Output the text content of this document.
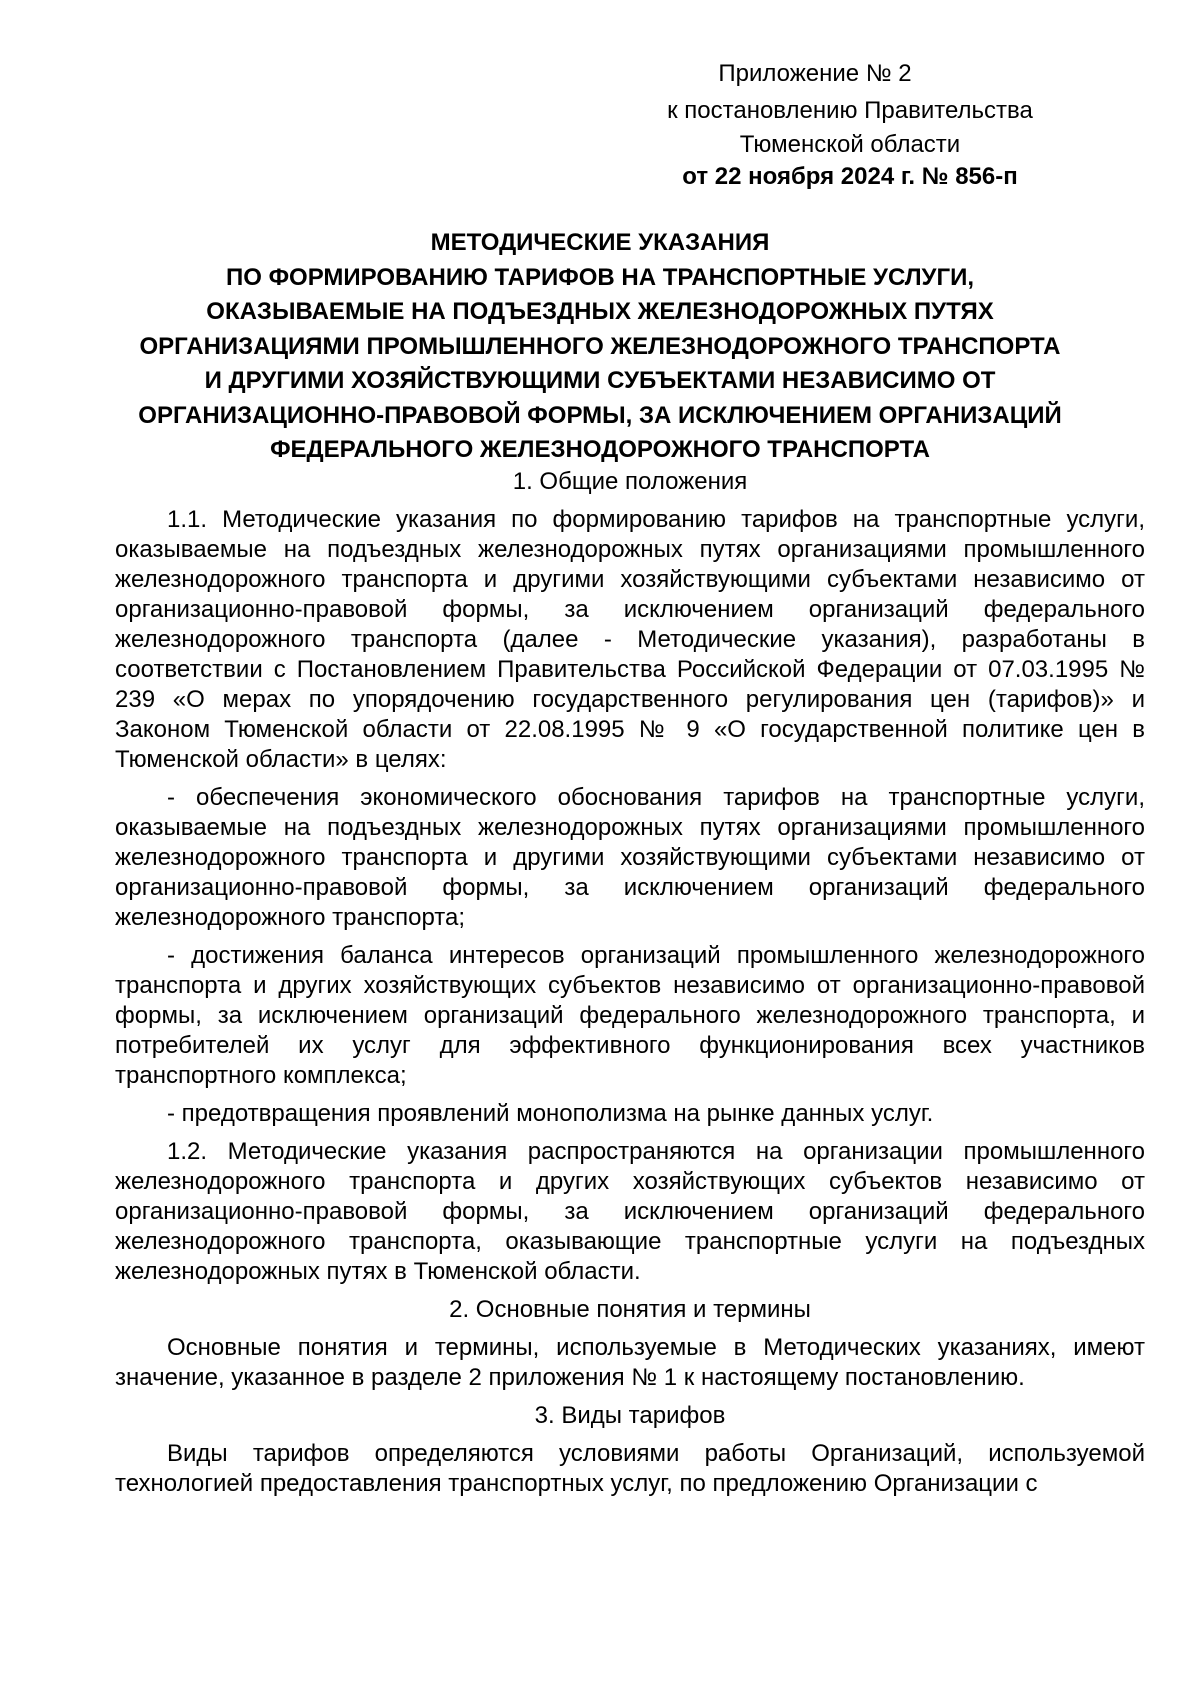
Приложение № 2
к постановлению Правительства Тюменской области
от 22 ноября 2024 г. № 856-п
МЕТОДИЧЕСКИЕ УКАЗАНИЯ
ПО ФОРМИРОВАНИЮ ТАРИФОВ НА ТРАНСПОРТНЫЕ УСЛУГИ,
ОКАЗЫВАЕМЫЕ НА ПОДЪЕЗДНЫХ ЖЕЛЕЗНОДОРОЖНЫХ ПУТЯХ
ОРГАНИЗАЦИЯМИ ПРОМЫШЛЕННОГО ЖЕЛЕЗНОДОРОЖНОГО ТРАНСПОРТА
И ДРУГИМИ ХОЗЯЙСТВУЮЩИМИ СУБЪЕКТАМИ НЕЗАВИСИМО ОТ
ОРГАНИЗАЦИОННО-ПРАВОВОЙ ФОРМЫ, ЗА ИСКЛЮЧЕНИЕМ ОРГАНИЗАЦИЙ
ФЕДЕРАЛЬНОГО ЖЕЛЕЗНОДОРОЖНОГО ТРАНСПОРТА
1. Общие положения

1.1. Методические указания по формированию тарифов на транспортные услуги, оказываемые на подъездных железнодорожных путях организациями промышленного железнодорожного транспорта и другими хозяйствующими субъектами независимо от организационно-правовой формы, за исключением организаций федерального железнодорожного транспорта (далее - Методические указания), разработаны в соответствии с Постановлением Правительства Российской Федерации от 07.03.1995 № 239 «О мерах по упорядочению государственного регулирования цен (тарифов)» и Законом Тюменской области от 22.08.1995 № 9 «О государственной политике цен в Тюменской области» в целях:

- обеспечения экономического обоснования тарифов на транспортные услуги, оказываемые на подъездных железнодорожных путях организациями промышленного железнодорожного транспорта и другими хозяйствующими субъектами независимо от организационно-правовой формы, за исключением организаций федерального железнодорожного транспорта;

- достижения баланса интересов организаций промышленного железнодорожного транспорта и других хозяйствующих субъектов независимо от организационно-правовой формы, за исключением организаций федерального железнодорожного транспорта, и потребителей их услуг для эффективного функционирования всех участников транспортного комплекса;

- предотвращения проявлений монополизма на рынке данных услуг.

1.2. Методические указания распространяются на организации промышленного железнодорожного транспорта и других хозяйствующих субъектов независимо от организационно-правовой формы, за исключением организаций федерального железнодорожного транспорта, оказывающие транспортные услуги на подъездных железнодорожных путях в Тюменской области.

2. Основные понятия и термины

Основные понятия и термины, используемые в Методических указаниях, имеют значение, указанное в разделе 2 приложения № 1 к настоящему постановлению.

3. Виды тарифов

Виды тарифов определяются условиями работы Организаций, используемой технологией предоставления транспортных услуг, по предложению Организации с
